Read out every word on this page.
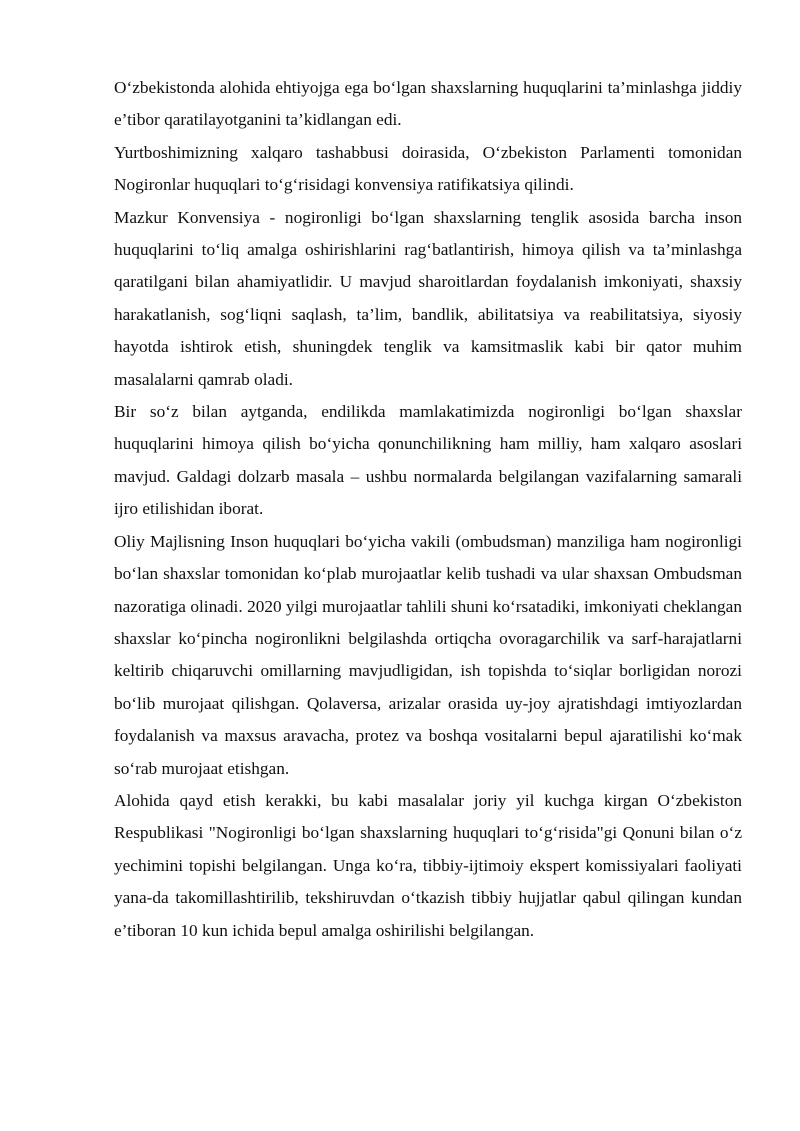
O‘zbekistonda alohida ehtiyojga ega bo‘lgan shaxslarning huquqlarini ta’minlashga jiddiy e’tibor qaratilayotganini ta’kidlangan edi.

Yurtboshimizning xalqaro tashabbusi doirasida, O‘zbekiston Parlamenti tomonidan Nogironlar huquqlari to‘g‘risidagi konvensiya ratifikatsiya qilindi.

Mazkur Konvensiya - nogironligi bo‘lgan shaxslarning tenglik asosida barcha inson huquqlarini to‘liq amalga oshirishlarini rag‘batlantirish, himoya qilish va ta’minlashga qaratilgani bilan ahamiyatlidir. U mavjud sharoitlardan foydalanish imkoniyati, shaxsiy harakatlanish, sog‘liqni saqlash, ta’lim, bandlik, abilitatsiya va reabilitatsiya, siyosiy hayotda ishtirok etish, shuningdek tenglik va kamsitmaslik kabi bir qator muhim masalalarni qamrab oladi.

Bir so‘z bilan aytganda, endilikda mamlakatimizda nogironligi bo‘lgan shaxslar huquqlarini himoya qilish bo‘yicha qonunchilikning ham milliy, ham xalqaro asoslari mavjud. Galdagi dolzarb masala – ushbu normalarda belgilangan vazifalarning samarali ijro etilishidan iborat.

Oliy Majlisning Inson huquqlari bo‘yicha vakili (ombudsman) manziliga ham nogironligi bo‘lan shaxslar tomonidan ko‘plab murojaatlar kelib tushadi va ular shaxsan Ombudsman nazoratiga olinadi. 2020 yilgi murojaatlar tahlili shuni ko‘rsatadiki, imkoniyati cheklangan shaxslar ko‘pincha nogironlikni belgilashda ortiqcha ovoragarchilik va sarf-harajatlarni keltirib chiqaruvchi omillarning mavjudligidan, ish topishda to‘siqlar borligidan norozi bo‘lib murojaat qilishgan. Qolaversa, arizalar orasida uy-joy ajratishdagi imtiyozlardan foydalanish va maxsus aravacha, protez va boshqa vositalarni bepul ajaratilishi ko‘mak so‘rab murojaat etishgan.

Alohida qayd etish kerakki, bu kabi masalalar joriy yil kuchga kirgan O‘zbekiston Respublikasi "Nogironligi bo‘lgan shaxslarning huquqlari to‘g‘risida"gi Qonuni bilan o‘z yechimini topishi belgilangan. Unga ko‘ra, tibbiy-ijtimoiy ekspert komissiyalari faoliyati yana-da takomillashtirilib, tekshiruvdan o‘tkazish tibbiy hujjatlar qabul qilingan kundan e’tiboran 10 kun ichida bepul amalga oshirilishi belgilangan.
